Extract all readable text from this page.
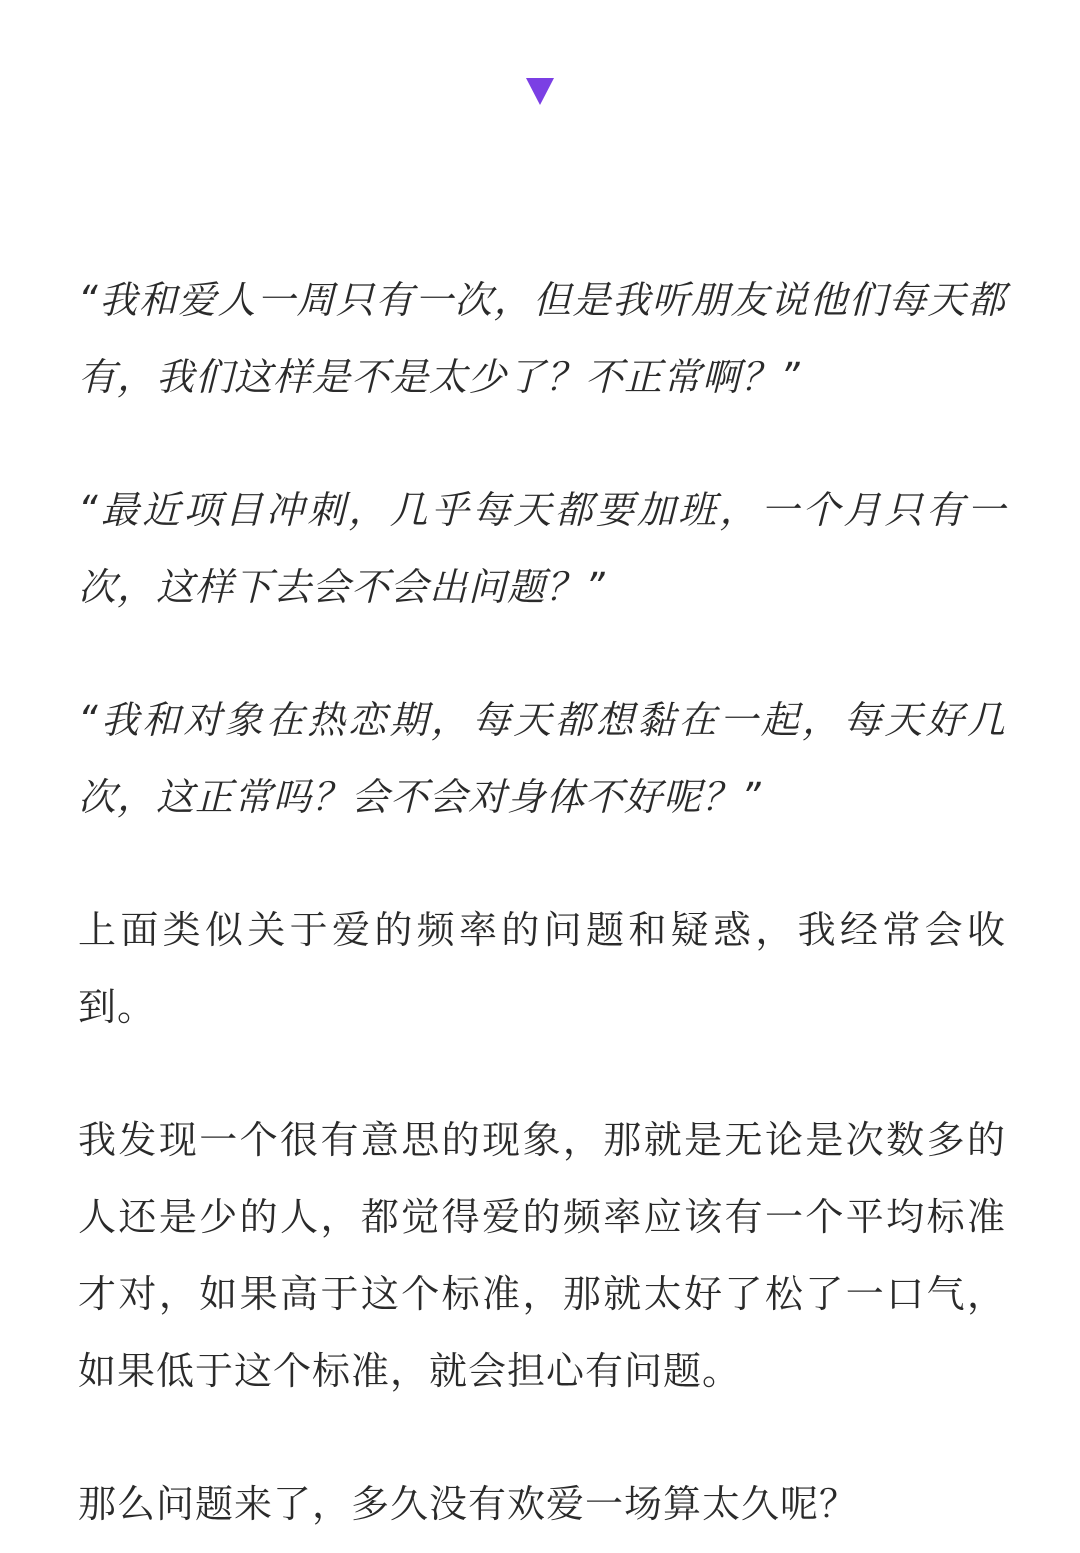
“我和爱人一周只有一次，但是我听朋友说他们每天都有，我们这样是不是太少了？不正常啊？”

“最近项目冲刺，几乎每天都要加班，一个月只有一次，这样下去会不会出问题？”

“我和对象在热恋期，每天都想黏在一起，每天好几次，这正常吗？会不会对身体不好呢？”

上面类似关于爱的频率的问题和疑惑，我经常会收到。

我发现一个很有意思的现象，那就是无论是次数多的人还是少的人，都觉得爱的频率应该有一个平均标准才对，如果高于这个标准，那就太好了松了一口气，如果低于这个标准，就会担心有问题。

那么问题来了，多久没有欢爱一场算太久呢？
